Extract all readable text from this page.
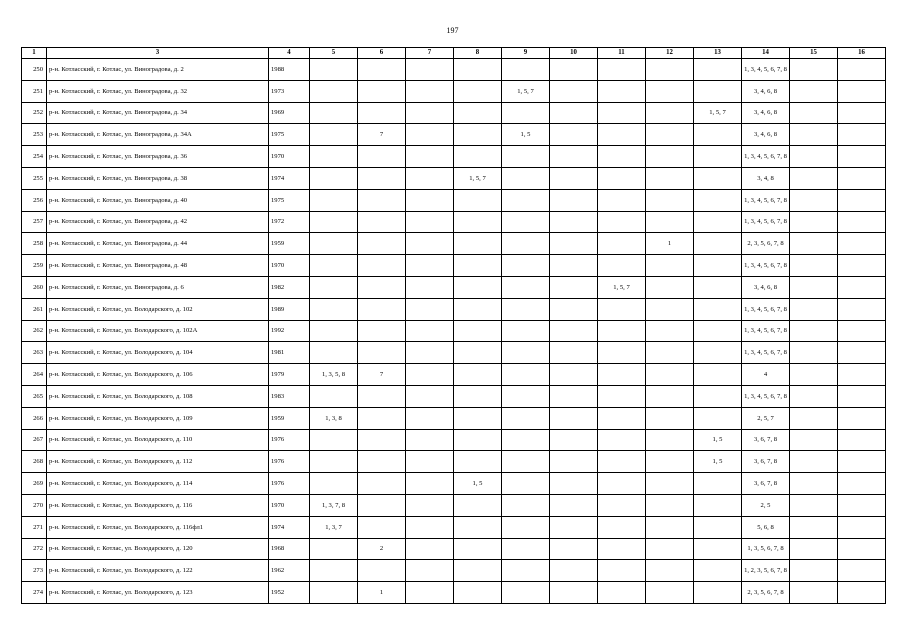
197
1	3	4	5	6	7	8	9	10	11	12	13	14	15	16
250	р-н. Котласский, г. Котлас, ул. Виноградова, д. 2	1988										1, 3, 4, 5, 6, 7, 8		
251	р-н. Котласский, г. Котлас, ул. Виноградова, д. 32	1973					1, 5, 7					3, 4, 6, 8		
252	р-н. Котласский, г. Котлас, ул. Виноградова, д. 34	1969									1, 5, 7	3, 4, 6, 8		
253	р-н. Котласский, г. Котлас, ул. Виноградова, д. 34А	1975		7			1, 5					3, 4, 6, 8		
254	р-н. Котласский, г. Котлас, ул. Виноградова, д. 36	1970										1, 3, 4, 5, 6, 7, 8		
255	р-н. Котласский, г. Котлас, ул. Виноградова, д. 38	1974				1, 5, 7						3, 4, 8		
256	р-н. Котласский, г. Котлас, ул. Виноградова, д. 40	1975										1, 3, 4, 5, 6, 7, 8		
257	р-н. Котласский, г. Котлас, ул. Виноградова, д. 42	1972										1, 3, 4, 5, 6, 7, 8		
258	р-н. Котласский, г. Котлас, ул. Виноградова, д. 44	1959								1		2, 3, 5, 6, 7, 8		
259	р-н. Котласский, г. Котлас, ул. Виноградова, д. 48	1970										1, 3, 4, 5, 6, 7, 8		
260	р-н. Котласский, г. Котлас, ул. Виноградова, д. 6	1982							1, 5, 7			3, 4, 6, 8		
261	р-н. Котласский, г. Котлас, ул. Володарского, д. 102	1989										1, 3, 4, 5, 6, 7, 8		
262	р-н. Котласский, г. Котлас, ул. Володарского, д. 102А	1992										1, 3, 4, 5, 6, 7, 8		
263	р-н. Котласский, г. Котлас, ул. Володарского, д. 104	1981										1, 3, 4, 5, 6, 7, 8		
264	р-н. Котласский, г. Котлас, ул. Володарского, д. 106	1979	1, 3, 5, 8	7								4		
265	р-н. Котласский, г. Котлас, ул. Володарского, д. 108	1983										1, 3, 4, 5, 6, 7, 8		
266	р-н. Котласский, г. Котлас, ул. Володарского, д. 109	1959	1, 3, 8									2, 5, 7		
267	р-н. Котласский, г. Котлас, ул. Володарского, д. 110	1976									1, 5	3, 6, 7, 8		
268	р-н. Котласский, г. Котлас, ул. Володарского, д. 112	1976									1, 5	3, 6, 7, 8		
269	р-н. Котласский, г. Котлас, ул. Володарского, д. 114	1976				1, 5						3, 6, 7, 8		
270	р-н. Котласский, г. Котлас, ул. Володарского, д. 116	1970	1, 3, 7, 8									2, 5		
271	р-н. Котласский, г. Котлас, ул. Володарского, д. 116фл1	1974	1, 3, 7									5, 6, 8		
272	р-н. Котласский, г. Котлас, ул. Володарского, д. 120	1968		2								1, 3, 5, 6, 7, 8		
273	р-н. Котласский, г. Котлас, ул. Володарского, д. 122	1962										1, 2, 3, 5, 6, 7, 8		
274	р-н. Котласский, г. Котлас, ул. Володарского, д. 123	1952		1								2, 3, 5, 6, 7, 8		
